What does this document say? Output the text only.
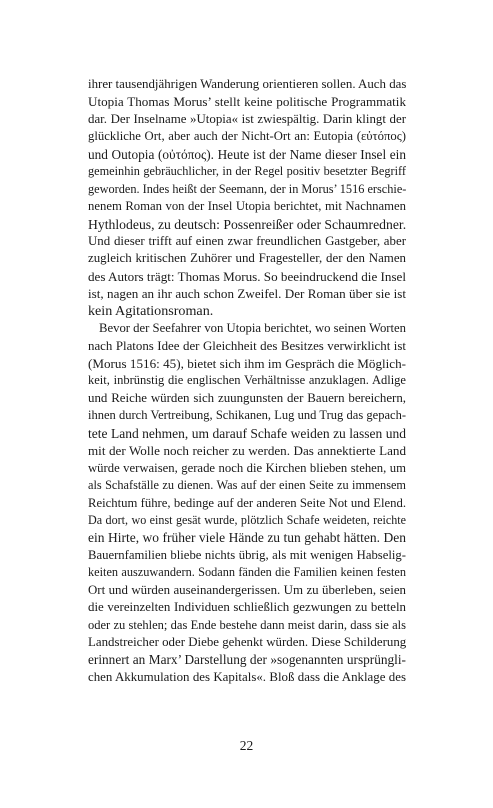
ihrer tausendjährigen Wanderung orientieren sollen. Auch das
Utopia Thomas Morus’ stellt keine politische Programmatik
dar. Der Inselname »Utopia« ist zwiespältig. Darin klingt der
glückliche Ort, aber auch der Nicht-Ort an: Eutopia (εὐτόπος)
und Outopia (οὐτόπος). Heute ist der Name dieser Insel ein
gemeinhin gebräuchlicher, in der Regel positiv besetzter Begriff
geworden. Indes heißt der Seemann, der in Morus’ 1516 erschie-
nenem Roman von der Insel Utopia berichtet, mit Nachnamen
Hythlodeus, zu deutsch: Possenreißer oder Schaumredner.
Und dieser trifft auf einen zwar freundlichen Gastgeber, aber
zugleich kritischen Zuhörer und Fragesteller, der den Namen
des Autors trägt: Thomas Morus. So beeindruckend die Insel
ist, nagen an ihr auch schon Zweifel. Der Roman über sie ist
kein Agitationsroman.
Bevor der Seefahrer von Utopia berichtet, wo seinen Worten
nach Platons Idee der Gleichheit des Besitzes verwirklicht ist
(Morus 1516: 45), bietet sich ihm im Gespräch die Möglich-
keit, inbrünstig die englischen Verhältnisse anzuklagen. Adlige
und Reiche würden sich zuungunsten der Bauern bereichern,
ihnen durch Vertreibung, Schikanen, Lug und Trug das gepach-
tete Land nehmen, um darauf Schafe weiden zu lassen und
mit der Wolle noch reicher zu werden. Das annektierte Land
würde verwaisen, gerade noch die Kirchen blieben stehen, um
als Schafställe zu dienen. Was auf der einen Seite zu immensem
Reichtum führe, bedinge auf der anderen Seite Not und Elend.
Da dort, wo einst gesät wurde, plötzlich Schafe weideten, reichte
ein Hirte, wo früher viele Hände zu tun gehabt hätten. Den
Bauernfamilien bliebe nichts übrig, als mit wenigen Habselig-
keiten auszuwandern. Sodann fänden die Familien keinen festen
Ort und würden auseinandergerissen. Um zu überleben, seien
die vereinzelten Individuen schließlich gezwungen zu betteln
oder zu stehlen; das Ende bestehe dann meist darin, dass sie als
Landstreicher oder Diebe gehenkt würden. Diese Schilderung
erinnert an Marx’ Darstellung der »sogenannten ursprüngli-
chen Akkumulation des Kapitals«. Bloß dass die Anklage des
22
